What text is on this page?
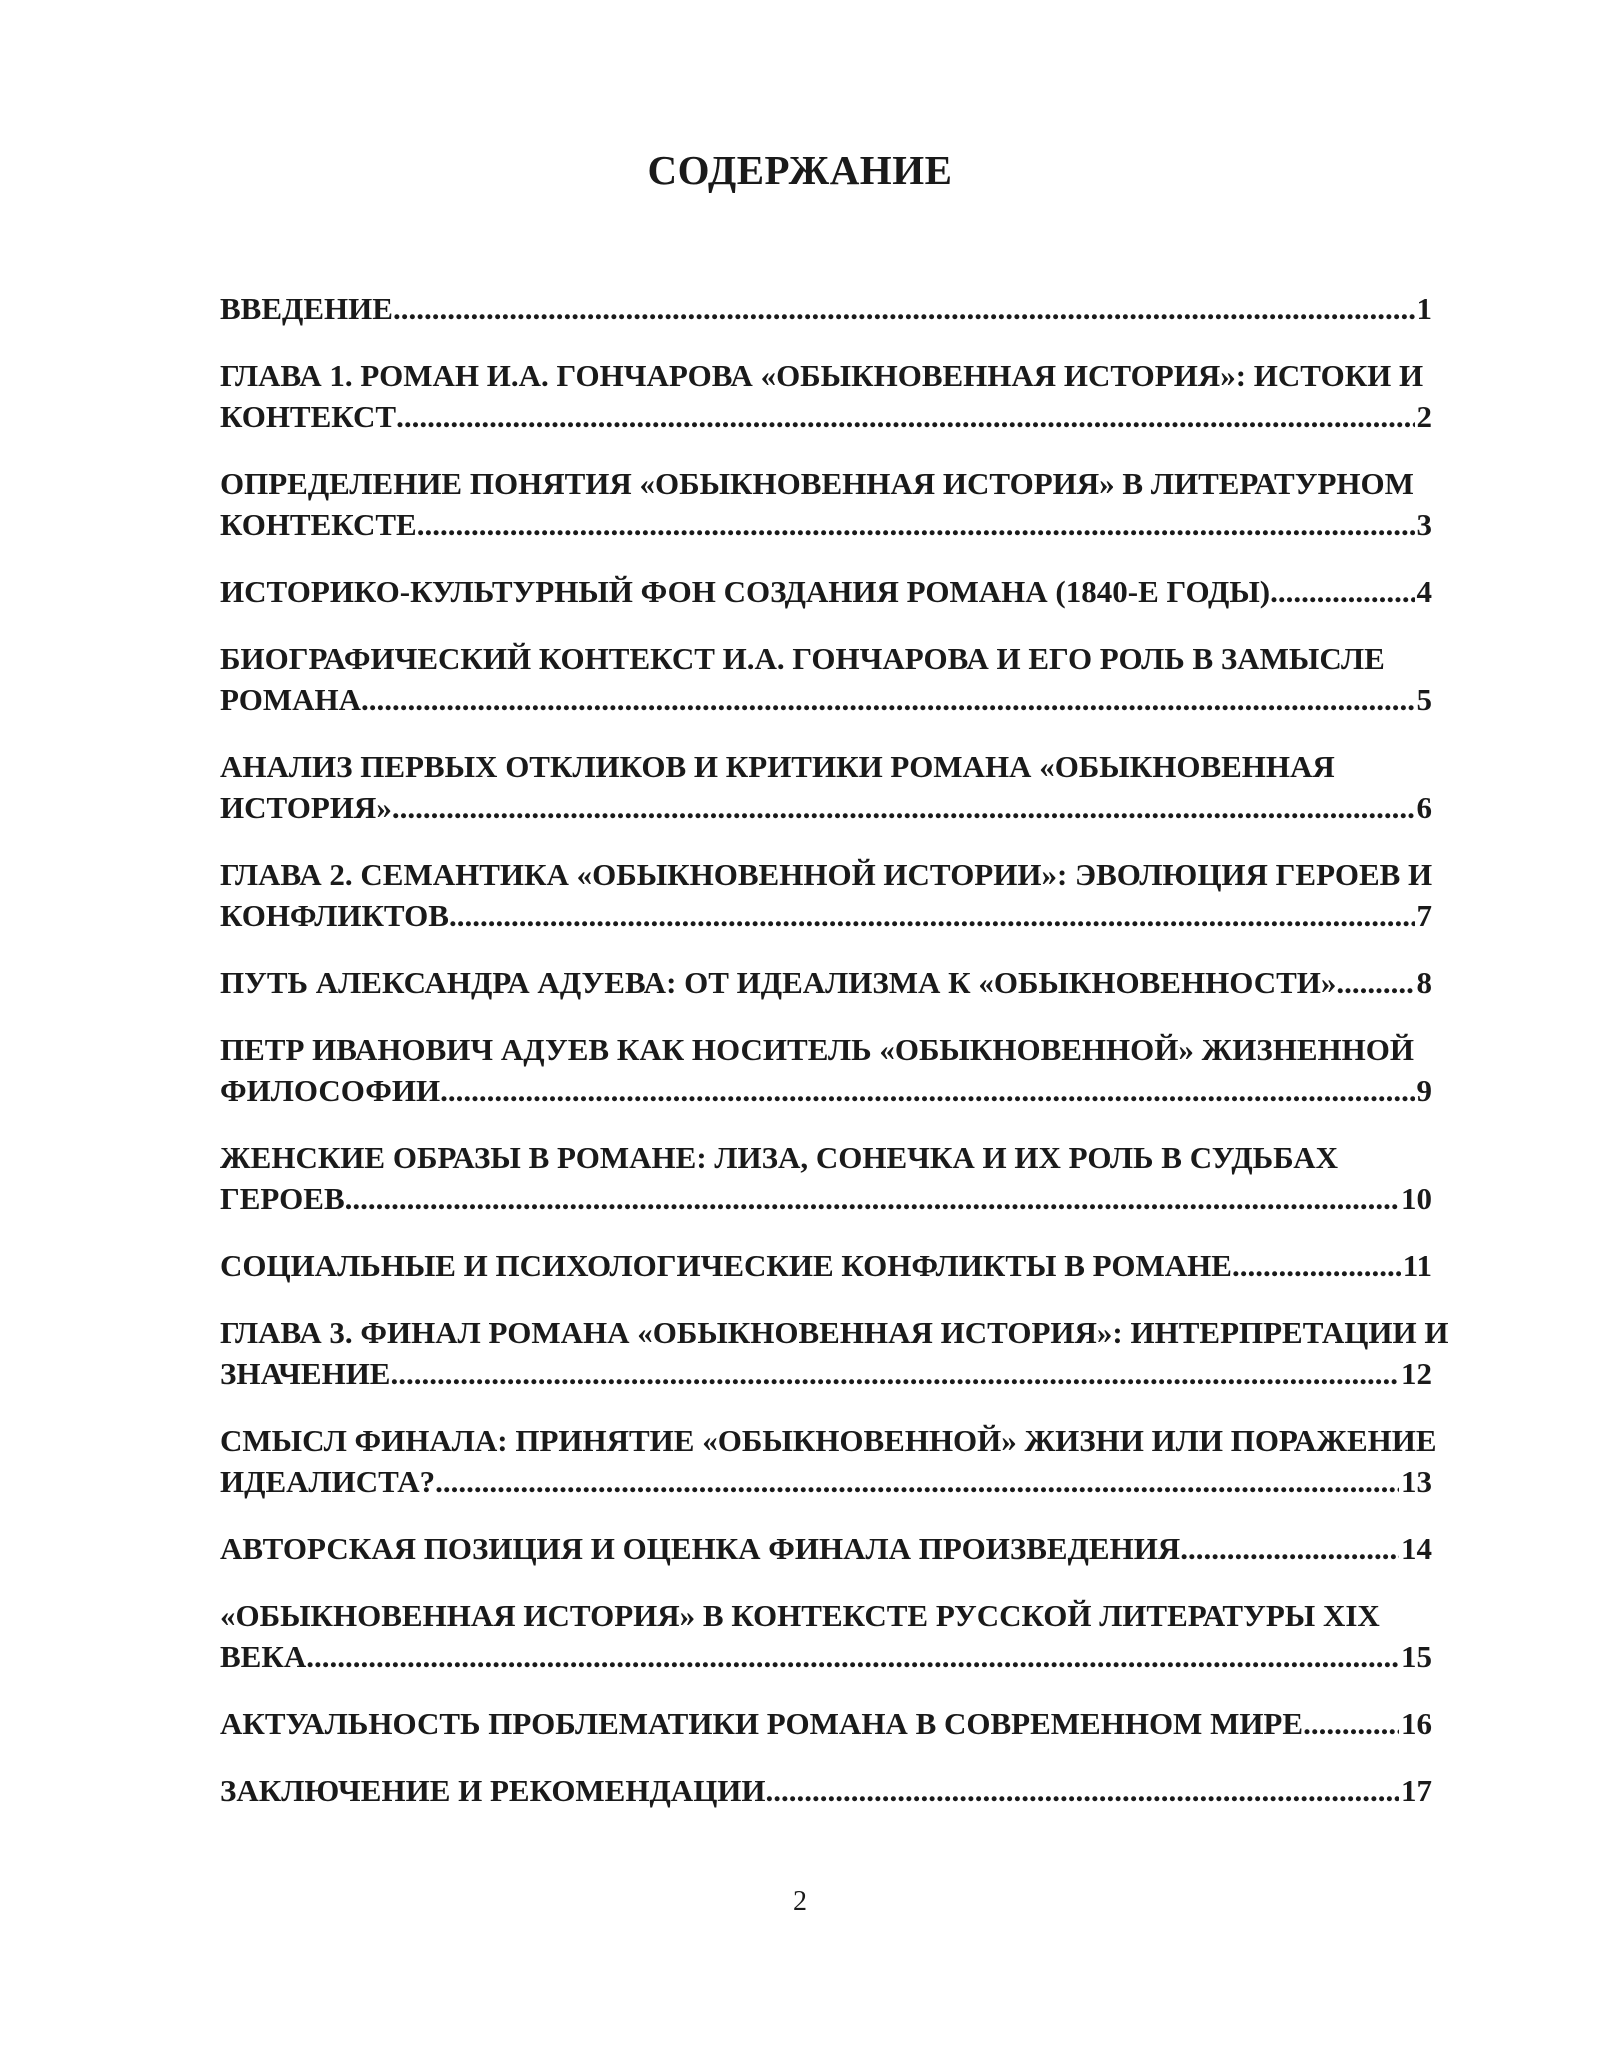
СОДЕРЖАНИЕ
ВВЕДЕНИЕ .....	1
ГЛАВА 1. РОМАН И.А. ГОНЧАРОВА «ОБЫКНОВЕННАЯ ИСТОРИЯ»: ИСТОКИ И
КОНТЕКСТ .....	2
ОПРЕДЕЛЕНИЕ ПОНЯТИЯ «ОБЫКНОВЕННАЯ ИСТОРИЯ» В ЛИТЕРАТУРНОМ
КОНТЕКСТЕ .....	3
ИСТОРИКО-КУЛЬТУРНЫЙ ФОН СОЗДАНИЯ РОМАНА (1840-Е ГОДЫ) .....	4
БИОГРАФИЧЕСКИЙ КОНТЕКСТ И.А. ГОНЧАРОВА И ЕГО РОЛЬ В ЗАМЫСЛЕ
РОМАНА .....	5
АНАЛИЗ ПЕРВЫХ ОТКЛИКОВ И КРИТИКИ РОМАНА «ОБЫКНОВЕННАЯ
ИСТОРИЯ» .....	6
ГЛАВА 2. СЕМАНТИКА «ОБЫКНОВЕННОЙ ИСТОРИИ»: ЭВОЛЮЦИЯ ГЕРОЕВ И
КОНФЛИКТОВ .....	7
ПУТЬ АЛЕКСАНДРА АДУЕВА: ОТ ИДЕАЛИЗМА К «ОБЫКНОВЕННОСТИ» .....	8
ПЕТР ИВАНОВИЧ АДУЕВ КАК НОСИТЕЛЬ «ОБЫКНОВЕННОЙ» ЖИЗНЕННОЙ
ФИЛОСОФИИ .....	9
ЖЕНСКИЕ ОБРАЗЫ В РОМАНЕ: ЛИЗА, СОНЕЧКА И ИХ РОЛЬ В СУДЬБАХ
ГЕРОЕВ .....	10
СОЦИАЛЬНЫЕ И ПСИХОЛОГИЧЕСКИЕ КОНФЛИКТЫ В РОМАНЕ .....	11
ГЛАВА 3. ФИНАЛ РОМАНА «ОБЫКНОВЕННАЯ ИСТОРИЯ»: ИНТЕРПРЕТАЦИИ И
ЗНАЧЕНИЕ .....	12
СМЫСЛ ФИНАЛА: ПРИНЯТИЕ «ОБЫКНОВЕННОЙ» ЖИЗНИ ИЛИ ПОРАЖЕНИЕ
ИДЕАЛИСТА? .....	13
АВТОРСКАЯ ПОЗИЦИЯ И ОЦЕНКА ФИНАЛА ПРОИЗВЕДЕНИЯ .....	14
«ОБЫКНОВЕННАЯ ИСТОРИЯ» В КОНТЕКСТЕ РУССКОЙ ЛИТЕРАТУРЫ XIX
ВЕКА .....	15
АКТУАЛЬНОСТЬ ПРОБЛЕМАТИКИ РОМАНА В СОВРЕМЕННОМ МИРЕ .....	16
ЗАКЛЮЧЕНИЕ И РЕКОМЕНДАЦИИ .....	17
2
